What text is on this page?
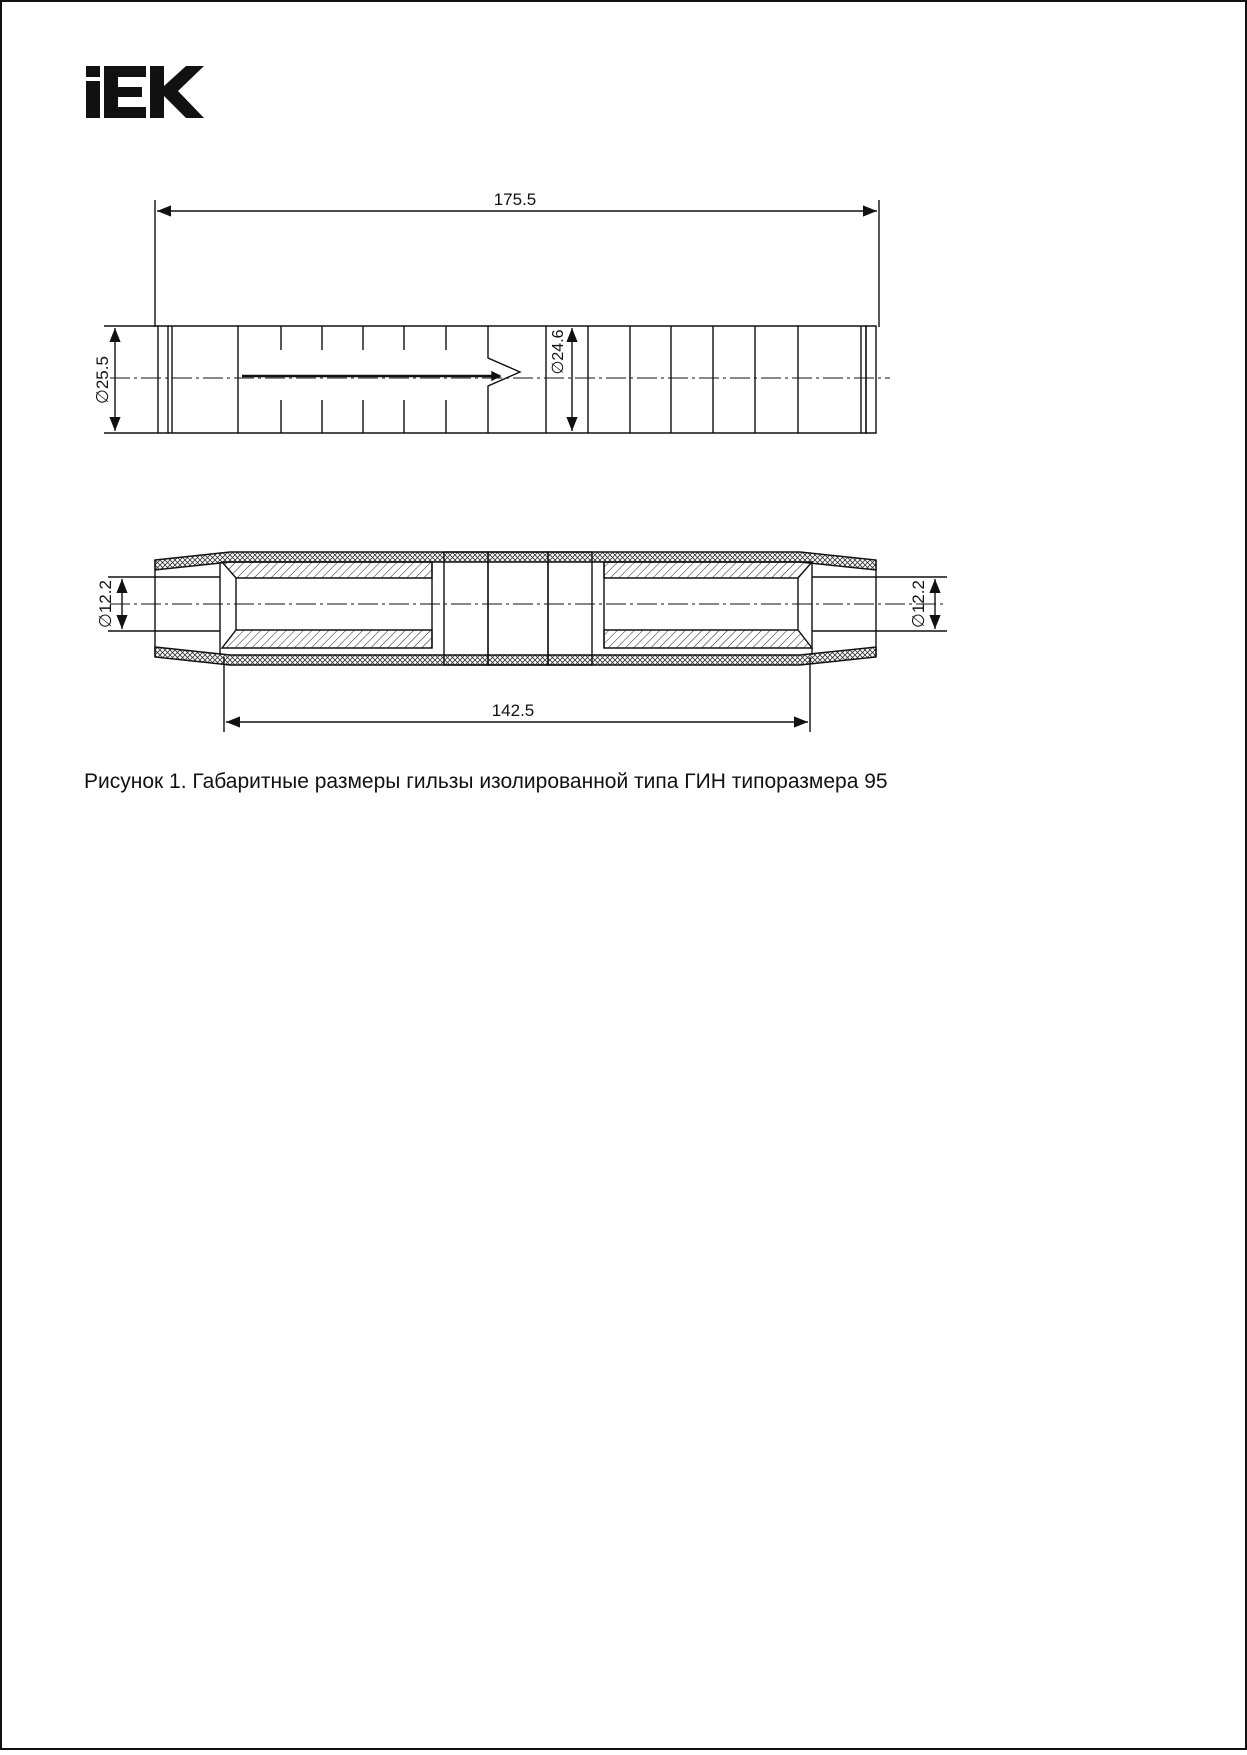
175.5
∅25.5
∅24.6
∅12.2	∅12.2
142.5
Рисунок 1. Габаритные размеры гильзы изолированной типа ГИН типоразмера 95
